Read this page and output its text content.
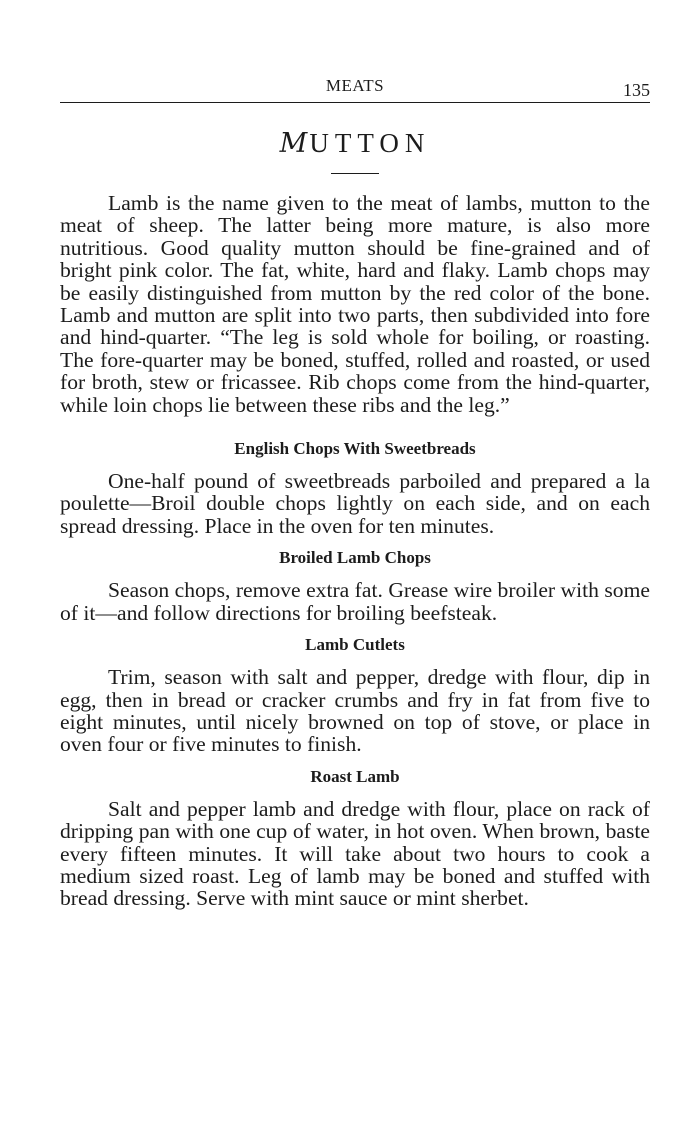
MEATS	135
MUTTON

Lamb is the name given to the meat of lambs, mutton to the meat of sheep. The latter being more mature, is also more nutritious. Good quality mutton should be fine-grained and of bright pink color. The fat, white, hard and flaky. Lamb chops may be easily distinguished from mutton by the red color of the bone. Lamb and mutton are split into two parts, then subdivided into fore and hind-quarter. “The leg is sold whole for boiling, or roasting. The fore-quarter may be boned, stuffed, rolled and roasted, or used for broth, stew or fricassee. Rib chops come from the hind-quarter, while loin chops lie between these ribs and the leg.”

English Chops With Sweetbreads

One-half pound of sweetbreads parboiled and prepared a la poulette—Broil double chops lightly on each side, and on each spread dressing. Place in the oven for ten minutes.

Broiled Lamb Chops

Season chops, remove extra fat. Grease wire broiler with some of it—and follow directions for broiling beefsteak.

Lamb Cutlets

Trim, season with salt and pepper, dredge with flour, dip in egg, then in bread or cracker crumbs and fry in fat from five to eight minutes, until nicely browned on top of stove, or place in oven four or five minutes to finish.

Roast Lamb

Salt and pepper lamb and dredge with flour, place on rack of dripping pan with one cup of water, in hot oven. When brown, baste every fifteen minutes. It will take about two hours to cook a medium sized roast. Leg of lamb may be boned and stuffed with bread dressing. Serve with mint sauce or mint sherbet.
